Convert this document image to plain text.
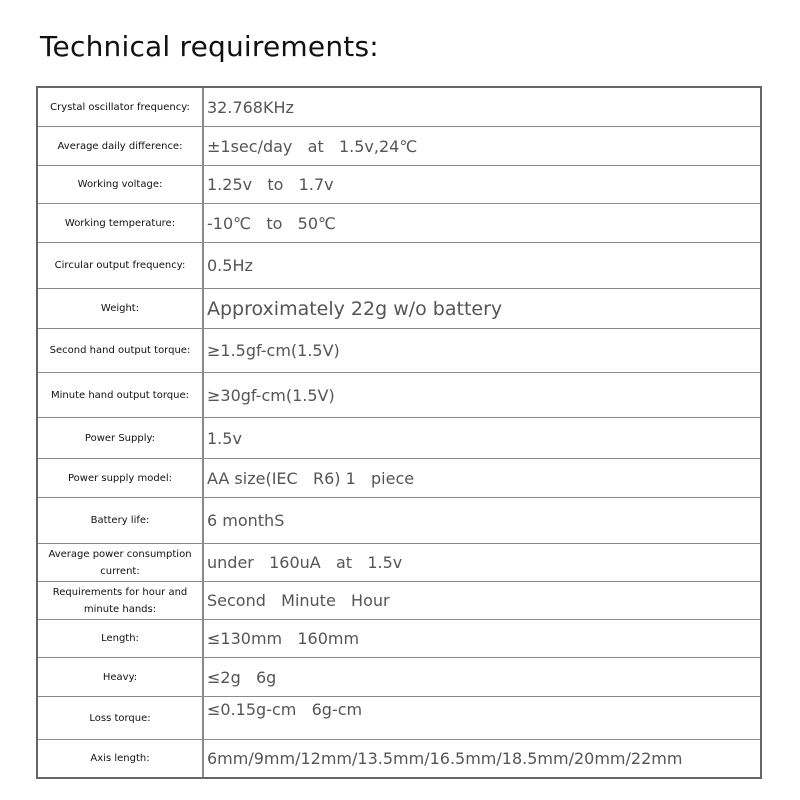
Technical requirements:
Crystal oscillator frequency:	32.768KHz
Average daily difference:	±1sec/day   at   1.5v,24℃
Working voltage:	1.25v   to   1.7v
Working temperature:	-10℃   to   50℃
Circular output frequency:	0.5Hz
Weight:	Approximately 22g w/o battery
Second hand output torque:	≥1.5gf-cm(1.5V)
Minute hand output torque:	≥30gf-cm(1.5V)
Power Supply:	1.5v
Power supply model:	AA size(IEC   R6) 1   piece
Battery life:	6 monthS
Average power consumption current:	under   160uA   at   1.5v
Requirements for hour and minute hands:	Second   Minute   Hour
Length:	≤130mm   160mm
Heavy:	≤2g   6g
Loss torque:	≤0.15g-cm   6g-cm
Axis length:	6mm/9mm/12mm/13.5mm/16.5mm/18.5mm/20mm/22mm
